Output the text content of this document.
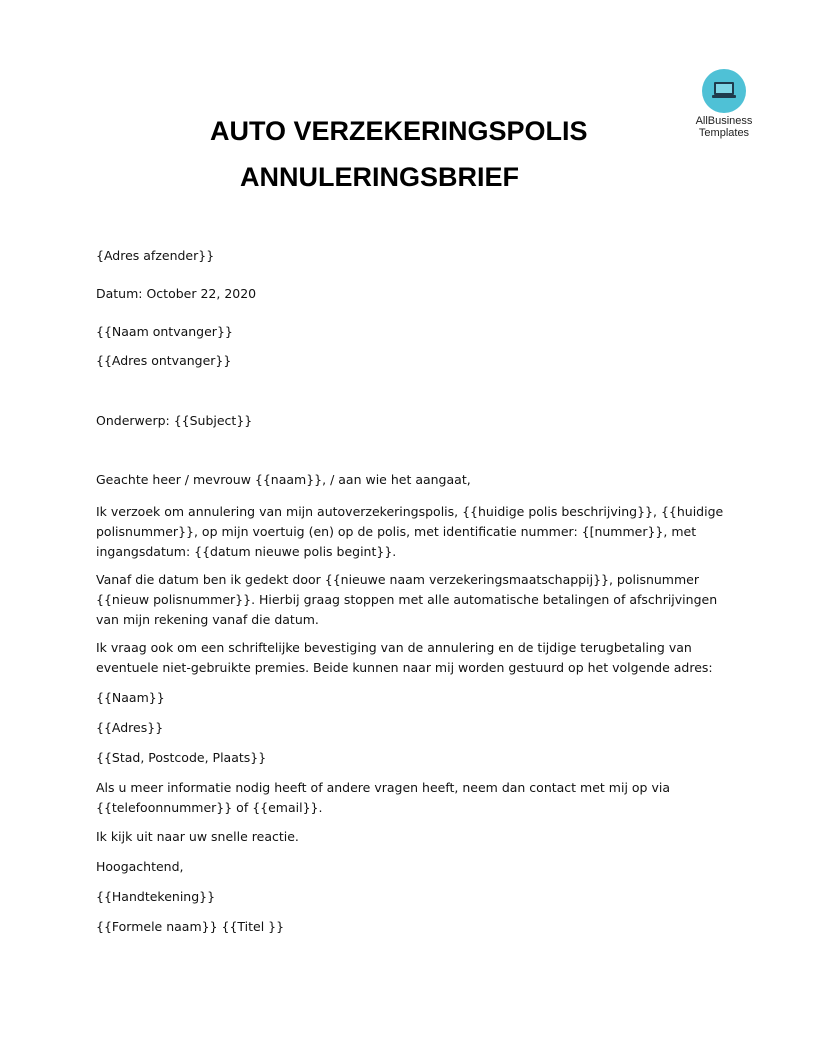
AllBusiness
Templates
AUTO VERZEKERINGSPOLIS
ANNULERINGSBRIEF
{Adres afzender}}
Datum: October 22, 2020
{{Naam ontvanger}}
{{Adres ontvanger}}
Onderwerp: {{Subject}}
Geachte heer / mevrouw {{naam}}, / aan wie het aangaat,
Ik verzoek om annulering van mijn autoverzekeringspolis, {{huidige polis beschrijving}}, {{huidige polisnummer}}, op mijn voertuig (en) op de polis, met identificatie nummer: {[nummer}}, met ingangsdatum: {{datum nieuwe polis begint}}.
Vanaf die datum ben ik gedekt door {{nieuwe naam verzekeringsmaatschappij}}, polisnummer {{nieuw polisnummer}}. Hierbij graag stoppen met alle automatische betalingen of afschrijvingen van mijn rekening vanaf die datum.
Ik vraag ook om een schriftelijke bevestiging van de annulering en de tijdige terugbetaling van eventuele niet-gebruikte premies. Beide kunnen naar mij worden gestuurd op het volgende adres:
{{Naam}}
{{Adres}}
{{Stad, Postcode, Plaats}}
Als u meer informatie nodig heeft of andere vragen heeft, neem dan contact met mij op via {{telefoonnummer}} of {{email}}.
Ik kijk uit naar uw snelle reactie.
Hoogachtend,
{{Handtekening}}
{{Formele naam}} {{Titel }}
